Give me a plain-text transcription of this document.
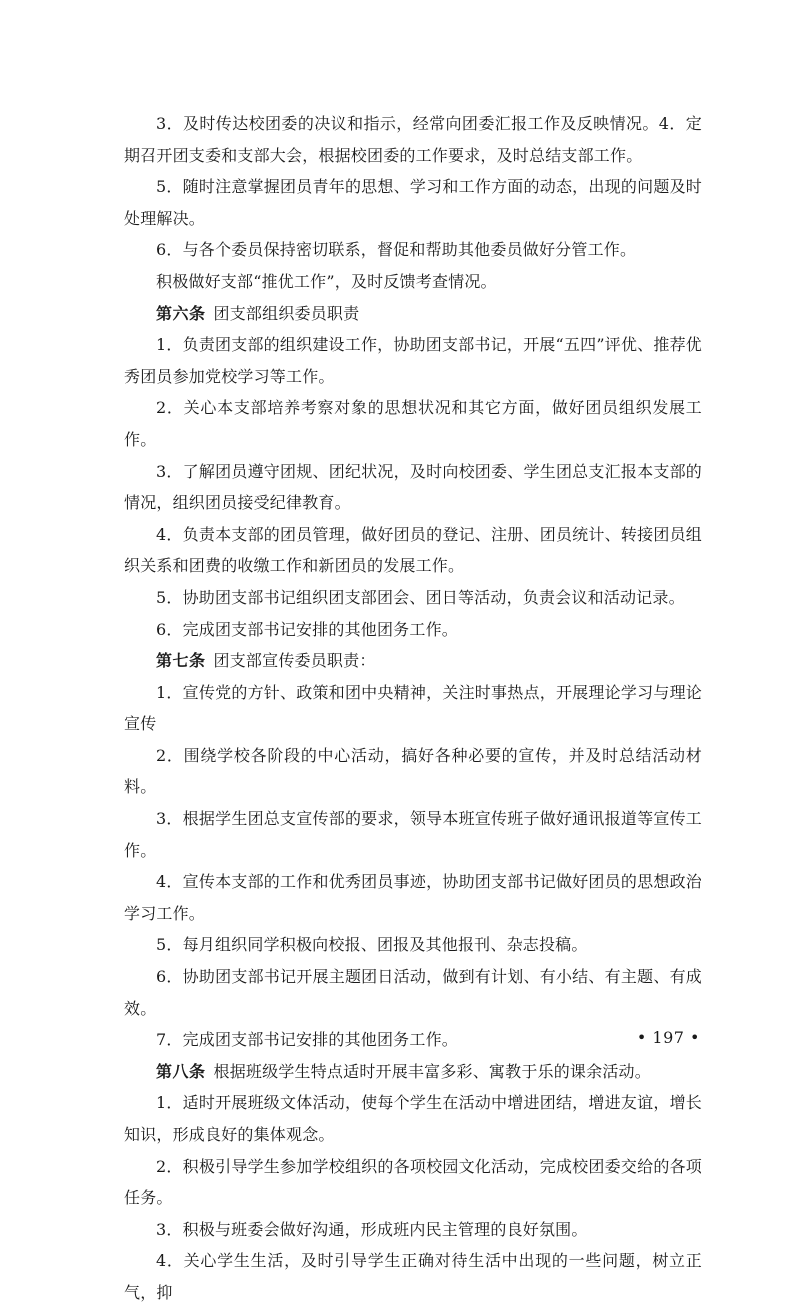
3．及时传达校团委的决议和指示，经常向团委汇报工作及反映情况。4．定期召开团支委和支部大会，根据校团委的工作要求，及时总结支部工作。

5．随时注意掌握团员青年的思想、学习和工作方面的动态，出现的问题及时处理解决。

6．与各个委员保持密切联系，督促和帮助其他委员做好分管工作。

积极做好支部“推优工作”，及时反馈考查情况。

第六条 团支部组织委员职责

1．负责团支部的组织建设工作，协助团支部书记，开展“五四”评优、推荐优秀团员参加党校学习等工作。

2．关心本支部培养考察对象的思想状况和其它方面，做好团员组织发展工作。

3．了解团员遵守团规、团纪状况，及时向校团委、学生团总支汇报本支部的情况，组织团员接受纪律教育。

4．负责本支部的团员管理，做好团员的登记、注册、团员统计、转接团员组织关系和团费的收缴工作和新团员的发展工作。

5．协助团支部书记组织团支部团会、团日等活动，负责会议和活动记录。

6．完成团支部书记安排的其他团务工作。

第七条 团支部宣传委员职责：

1．宣传党的方针、政策和团中央精神，关注时事热点，开展理论学习与理论宣传

2．围绕学校各阶段的中心活动，搞好各种必要的宣传，并及时总结活动材料。

3．根据学生团总支宣传部的要求，领导本班宣传班子做好通讯报道等宣传工作。

4．宣传本支部的工作和优秀团员事迹，协助团支部书记做好团员的思想政治学习工作。

5．每月组织同学积极向校报、团报及其他报刊、杂志投稿。

6．协助团支部书记开展主题团日活动，做到有计划、有小结、有主题、有成效。

7．完成团支部书记安排的其他团务工作。

第八条 根据班级学生特点适时开展丰富多彩、寓教于乐的课余活动。

1．适时开展班级文体活动，使每个学生在活动中增进团结，增进友谊，增长知识，形成良好的集体观念。

2．积极引导学生参加学校组织的各项校园文化活动，完成校团委交给的各项任务。

3．积极与班委会做好沟通，形成班内民主管理的良好氛围。

4．关心学生生活，及时引导学生正确对待生活中出现的一些问题，树立正气，抑

• 197 •
